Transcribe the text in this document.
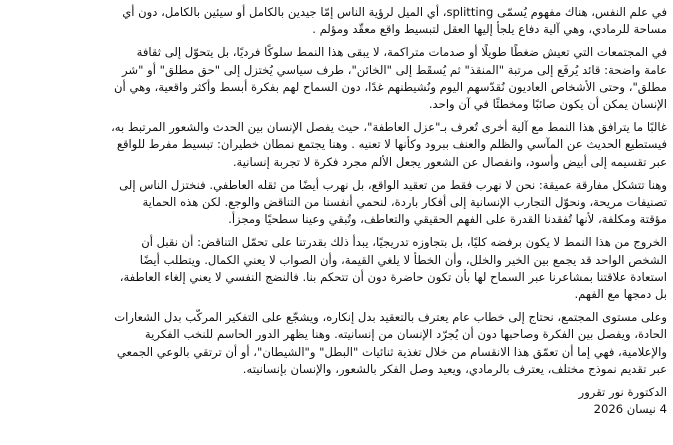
في علم النفس، هناك مفهوم يُسمّى splitting، أي الميل لرؤية الناس إمّا جيدين بالكامل أو سيئين بالكامل، دون أي
مساحة للرمادي، وهي آلية دفاع يلجأ إليها العقل لتبسيط واقع معقّد ومؤلم .

في المجتمعات التي تعيش ضغطًا طويلًا أو صدمات متراكمة، لا يبقى هذا النمط سلوكًا فرديًا، بل يتحوّل إلى ثقافة
عامة واضحة: قائد يُرفَع إلى مرتبة "المنقذ" ثم يُسقَط إلى "الخائن"، طرف سياسي يُختزل إلى "حق مطلق" أو "شر
مطلق"، وحتى الأشخاص العاديون نُقدّسهم اليوم ونُشيطنهم غدًا، دون السماح لهم بفكرة أبسط وأكثر واقعية، وهي أن
الإنسان يمكن أن يكون صائبًا ومخطئًا في آن واحد.

غالبًا ما يترافق هذا النمط مع آلية أخرى تُعرف بـ"عزل العاطفة"، حيث يفصل الإنسان بين الحدث والشعور المرتبط به،
فيستطيع الحديث عن المآسي والظلم والعنف ببرود وكأنها لا تعنيه . وهنا يجتمع نمطان خطيران: تبسيط مفرط للواقع
عبر تقسيمه إلى أبيض وأسود، وانفصال عن الشعور يجعل الألم مجرد فكرة لا تجربة إنسانية.

وهنا تتشكل مفارقة عميقة: نحن لا نهرب فقط من تعقيد الواقع، بل نهرب أيضًا من ثقله العاطفي. فنختزل الناس إلى
تصنيفات مريحة، ونحوّل التجارب الإنسانية إلى أفكار باردة، لنحمي أنفسنا من التناقض والوجع. لكن هذه الحماية
مؤقتة ومكلفة، لأنها تُفقدنا القدرة على الفهم الحقيقي والتعاطف، وتُبقي وعينا سطحيًا ومجزأً.

الخروج من هذا النمط لا يكون برفضه كليًا، بل بتجاوزه تدريجيًا، يبدأ ذلك بقدرتنا على تحمّل التناقض: أن نقبل أن
الشخص الواحد قد يجمع بين الخير والخلل، وأن الخطأ لا يلغي القيمة، وأن الصواب لا يعني الكمال. ويتطلب أيضًا
استعادة علاقتنا بمشاعرنا عبر السماح لها بأن تكون حاضرة دون أن تتحكم بنا. فالنضج النفسي لا يعني إلغاء العاطفة،
بل دمجها مع الفهم.

وعلى مستوى المجتمع، نحتاج إلى خطاب عام يعترف بالتعقيد بدل إنكاره، ويشجّع على التفكير المركّب بدل الشعارات
الحادة، ويفصل بين الفكرة وصاحبها دون أن يُجرّد الإنسان من إنسانيته. وهنا يظهر الدور الحاسم للنخب الفكرية
والإعلامية، فهي إما أن تعمّق هذا الانقسام من خلال تغذية ثنائيات "البطل" و"الشيطان"، أو أن ترتقي بالوعي الجمعي
عبر تقديم نموذج مختلف، يعترف بالرمادي، ويعيد وصل الفكر بالشعور، والإنسان بإنسانيته.

الدكتورة نور تقرور
4 نيسان 2026
